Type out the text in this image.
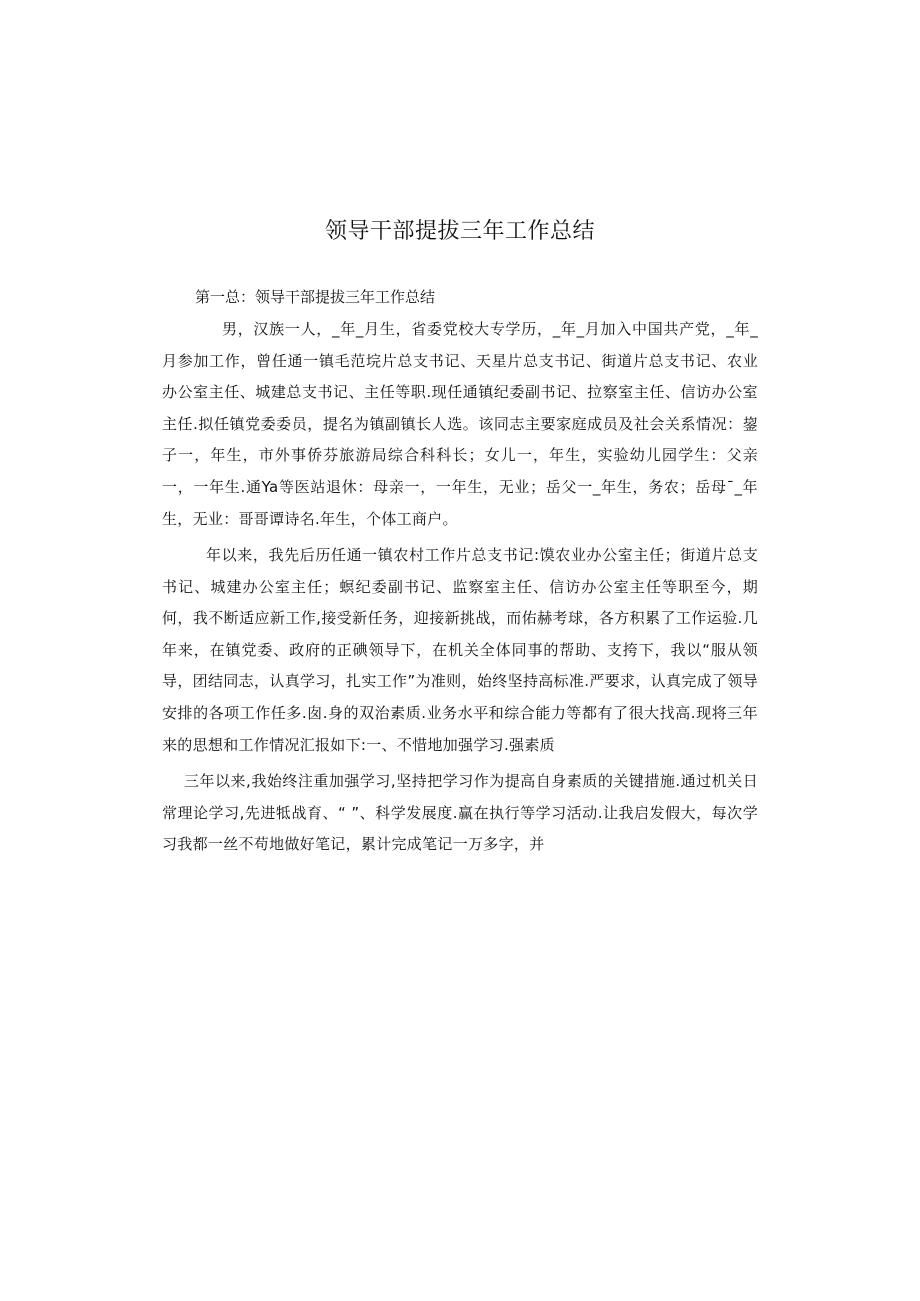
领导干部提拔三年工作总结

第一总：领导干部提拔三年工作总结

男，汉族一人，_年_月生，省委党校大专学历，_年_月加入中国共产党，_年_月参加工作，曾任通一镇毛范垸片总支书记、天星片总支书记、街道片总支书记、农业办公室主任、城建总支书记、主任等职.现任通镇纪委副书记、拉察室主任、信访办公室主任.拟任镇党委委员，提名为镇副镇长人选。该同志主要家庭成员及社会关系情况：鋆子一，年生，市外事侨芬旅游局综合科科长；女儿一，年生，实验幼儿园学生：父亲一，一年生.通Ya等医站退休：母亲一，一年生，无业；岳父一_年生，务农；岳母¯_年生，无业：哥哥谭诗名.年生，个体工商户。

年以来，我先后历任通一镇农村工作片总支书记:馍农业办公室主任；街道片总支书记、城建办公室主任；螟纪委副书记、监察室主任、信访办公室主任等职至今，期何，我不断适应新工作,接受新任务，迎接新挑战，而佑赫考球，各方积累了工作运验.几年来，在镇党委、政府的正碘领导下，在机关全体同事的帮助、支挎下，我以“服从领导，团结同志，认真学习，扎实工作”为准则，始终坚持高标准.严要求，认真完成了领导安排的各项工作任多.囱.身的双治素质.业务水平和综合能力等都有了很大找高.现将三年来的思想和工作情况汇报如下:一、不惜地加强学习.强素质

三年以来,我始终注重加强学习,坚持把学习作为提高自身素质的关键措施.通过机关日常理论学习,先进牴战育、“ ”、科学发展度.赢在执行等学习活动.让我启发假大，每次学习我都一丝不苟地做好笔记，累计完成笔记一万多字，并
